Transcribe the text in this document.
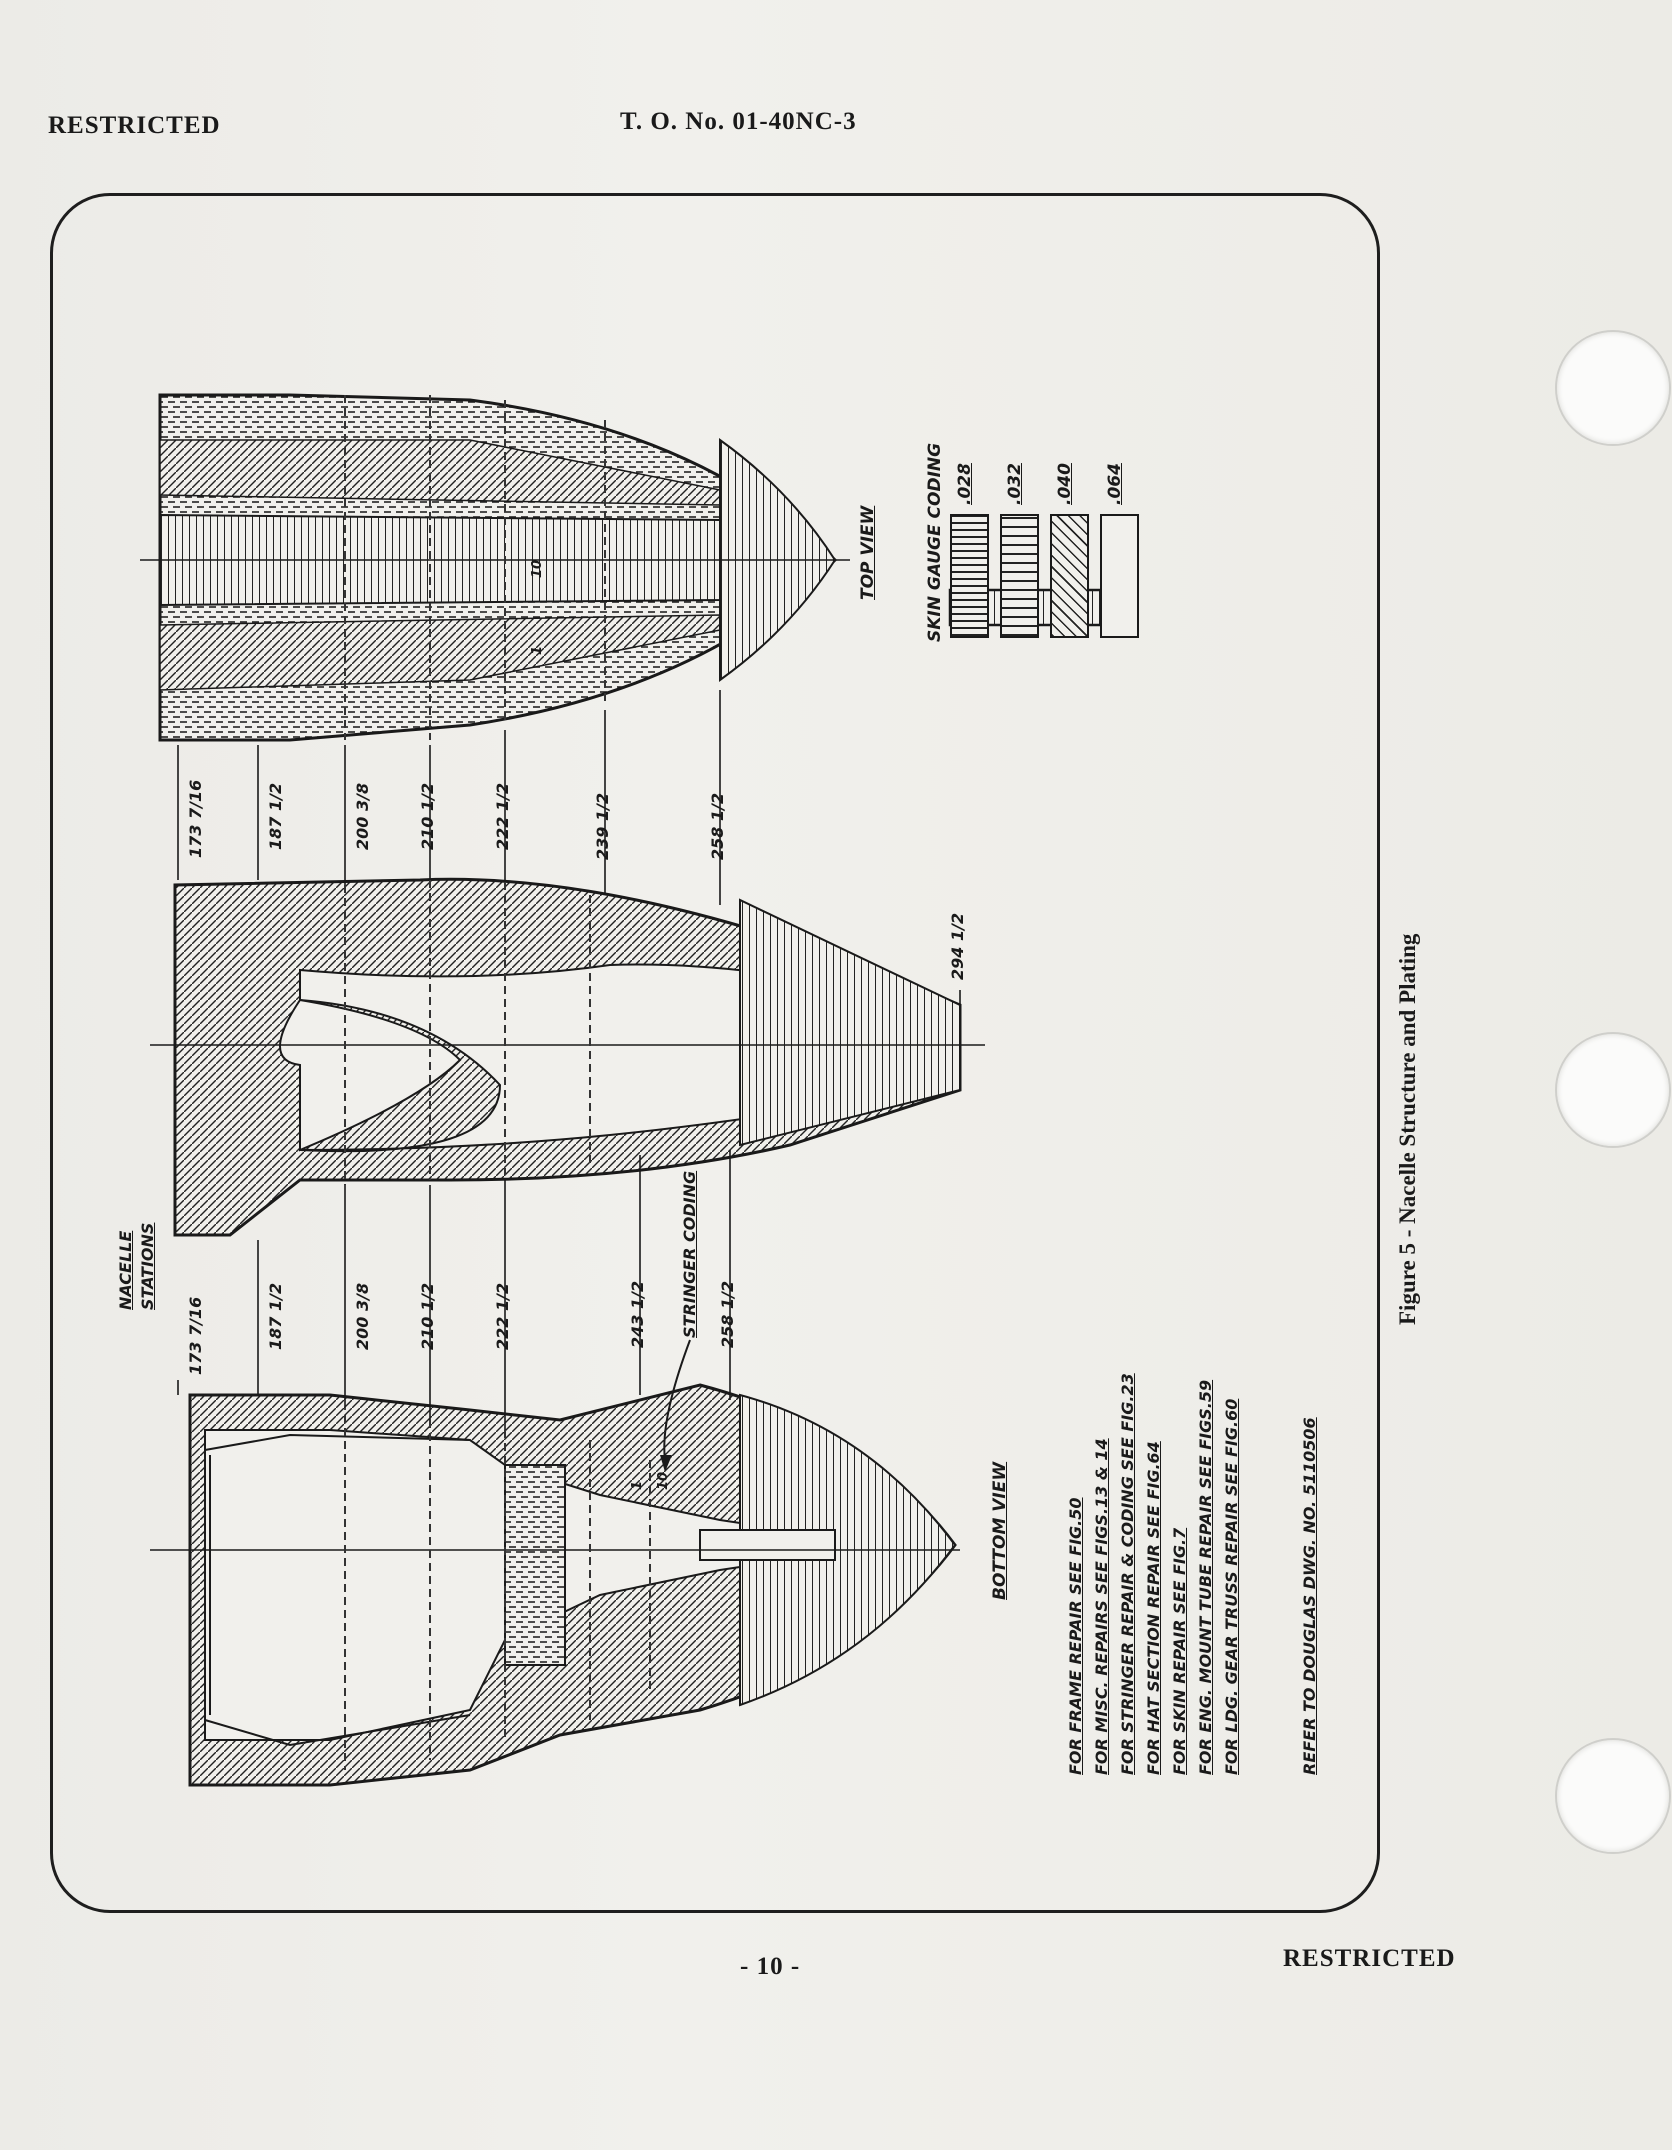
RESTRICTED	T. O. No. 01-40NC-3
SKIN GAUGE CODING .028 .032 .040 .064
TOP VIEW
BOTTOM VIEW
NACELLE STATIONS	STRINGER CODING
173 7/16	187 1/2	200 3/8	210 1/2	222 1/2	243 1/2	258 1/2
173 7/16	187 1/2	200 3/8	210 1/2	222 1/2	239 1/2	258 1/2
294 1/2
10
1
10
1
FOR FRAME REPAIR SEE FIG.50 FOR MISC. REPAIRS SEE FIGS.13 & 14 FOR STRINGER REPAIR & CODING SEE FIG.23 FOR HAT SECTION REPAIR SEE FIG.64 FOR SKIN REPAIR SEE FIG.7 FOR ENG. MOUNT TUBE REPAIR SEE FIGS.59 FOR LDG. GEAR TRUSS REPAIR SEE FIG.60	REFER TO DOUGLAS DWG. NO. 5110506
Figure 5 - Nacelle Structure and Plating
- 10 -	RESTRICTED
